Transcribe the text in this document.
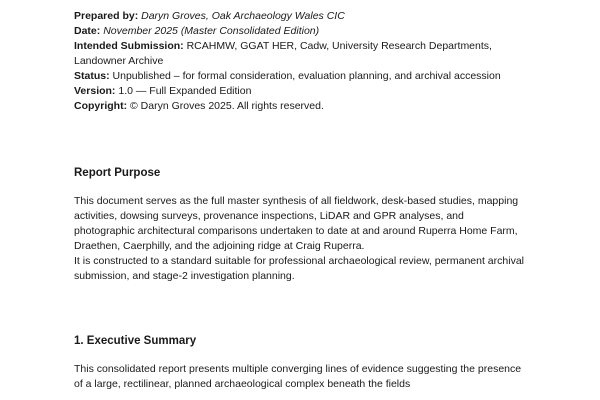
Prepared by: Daryn Groves, Oak Archaeology Wales CIC

Date: November 2025 (Master Consolidated Edition)

Intended Submission: RCAHMW, GGAT HER, Cadw, University Research Departments, Landowner Archive

Status: Unpublished – for formal consideration, evaluation planning, and archival accession

Version: 1.0 — Full Expanded Edition

Copyright: © Daryn Groves 2025. All rights reserved.

Report Purpose

This document serves as the full master synthesis of all fieldwork, desk-based studies, mapping activities, dowsing surveys, provenance inspections, LiDAR and GPR analyses, and photographic architectural comparisons undertaken to date at and around Ruperra Home Farm, Draethen, Caerphilly, and the adjoining ridge at Craig Ruperra.

It is constructed to a standard suitable for professional archaeological review, permanent archival submission, and stage-2 investigation planning.

1. Executive Summary

This consolidated report presents multiple converging lines of evidence suggesting the presence of a large, rectilinear, planned archaeological complex beneath the fields
